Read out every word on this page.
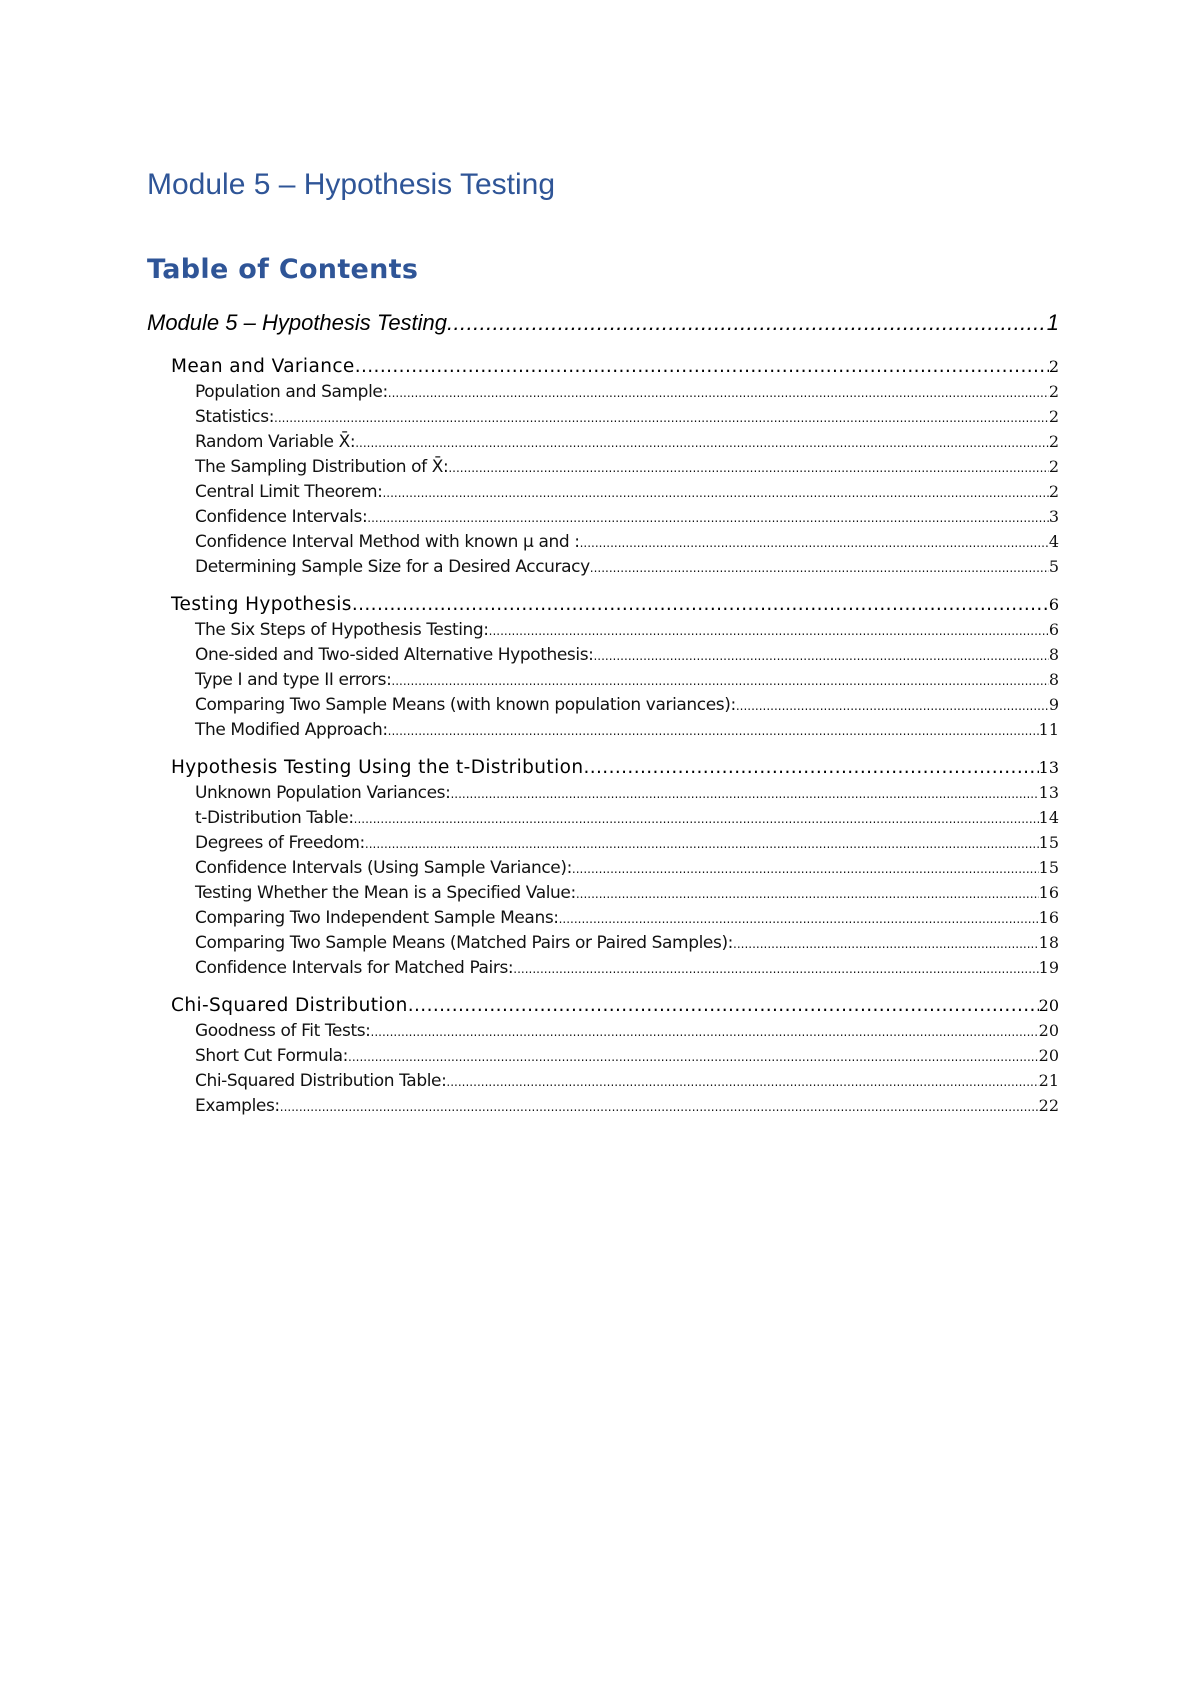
Module 5 – Hypothesis Testing
Table of Contents
Module 5 – Hypothesis Testing .....	1
Mean and Variance .....	2
Population and Sample: .....	2
Statistics: .....	2
Random Variable X̄: .....	2
The Sampling Distribution of X̄: .....	2
Central Limit Theorem: .....	2
Confidence Intervals: .....	3
Confidence Interval Method with known μ and : .....	4
Determining Sample Size for a Desired Accuracy .....	5
Testing Hypothesis .....	6
The Six Steps of Hypothesis Testing: .....	6
One-sided and Two-sided Alternative Hypothesis: .....	8
Type I and type II errors: .....	8
Comparing Two Sample Means (with known population variances): .....	9
The Modified Approach: .....	11
Hypothesis Testing Using the t-Distribution .....	13
Unknown Population Variances: .....	13
t-Distribution Table: .....	14
Degrees of Freedom: .....	15
Confidence Intervals (Using Sample Variance): .....	15
Testing Whether the Mean is a Specified Value: .....	16
Comparing Two Independent Sample Means: .....	16
Comparing Two Sample Means (Matched Pairs or Paired Samples): .....	18
Confidence Intervals for Matched Pairs: .....	19
Chi-Squared Distribution .....	20
Goodness of Fit Tests: .....	20
Short Cut Formula: .....	20
Chi-Squared Distribution Table: .....	21
Examples: .....	22
